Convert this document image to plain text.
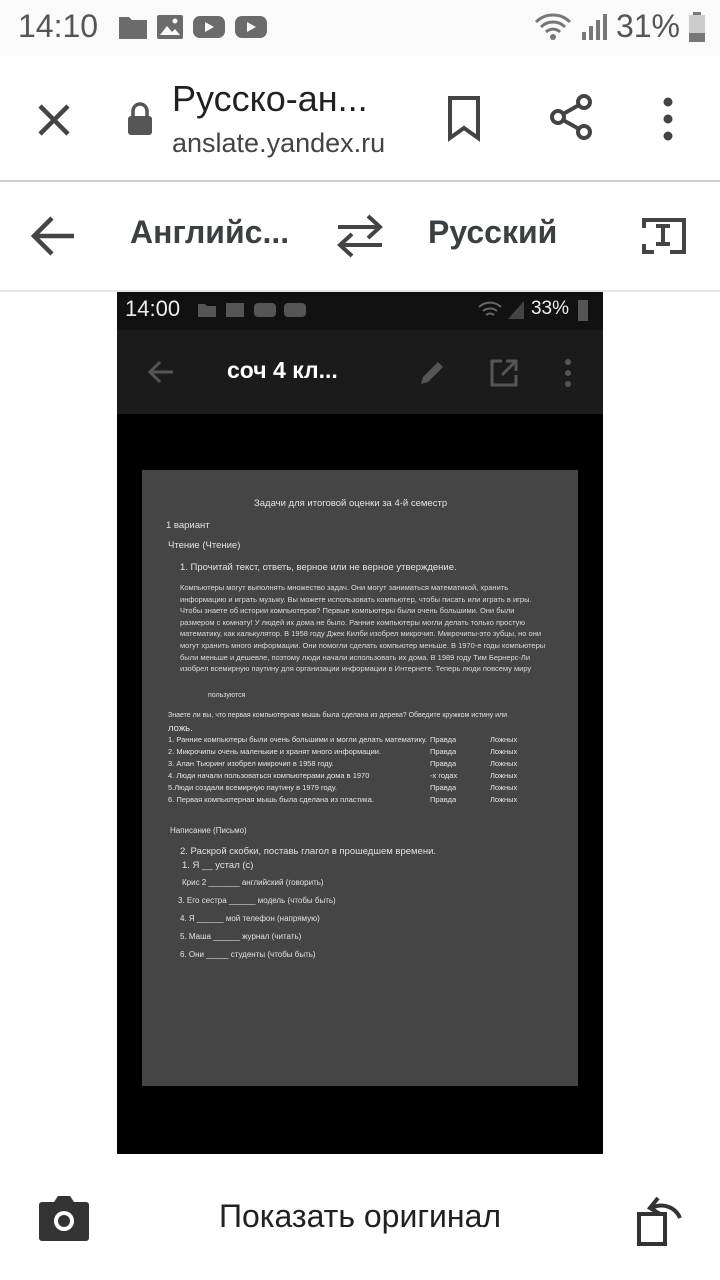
14:10	31%
Русско-ан...
anslate.yandex.ru
Английс...	Русский
14:00	33%
соч 4 кл...
Задачи для итоговой оценки за 4-й семестр
1 вариант
Чтение (Чтение)
1. Прочитай текст, ответь, верное или не верное утверждение.
Компьютеры могут выполнять множество задач. Они могут заниматься математикой, хранить информацию и играть музыку. Вы можете использовать компьютер, чтобы писать или играть в игры. Чтобы знаете об истории компьютеров? Первые компьютеры были очень большими. Они были размером с комнату! У людей их дома не было. Ранние компьютеры могли делать только простую математику, как калькулятор. В 1958 году Джек Килби изобрел микрочип. Микрочипы-это зубцы, но они могут хранить много информации. Они помогли сделать компьютер меньше. В 1970-е годы компьютеры были меньше и дешевле, поэтому люди начали использовать их дома. В 1989 году Тим Бернерс-Ли изобрел всемирную паутину для организации информации в Интернете. Теперь люди повсему миру
пользуются
Знаете ли вы, что первая компьютерная мышь была сделана из дерева? Обведите кружком истину или
ложь.
1. Ранние компьютеры были очень большими и могли делать математику. Правда	Ложных
2. Микрочипы очень маленькие и хранят много информации.	Правда	Ложных
3. Алан Тьюринг изобрел микрочип в 1958 году.	Правда	Ложных
4. Люди начали пользоваться компьютерами дома в 1970	-х годах	Ложных
5.Люди создали всемирную паутину в 1979 году.	Правда	Ложных
6. Первая компьютерная мышь была сделана из пластика.	Правда	Ложных
Написание (Письмо)
2. Раскрой скобки, поставь глагол в прошедшем времени.
1. Я __ устал (с)
Крис 2 _______ английский (говорить)
3. Его сестра ______ модель (чтобы быть)
4. Я ______ мой телефон (напрямую)
5. Маша ______ журнал (читать)
6. Они _____ студенты (чтобы быть)
Показать оригинал
